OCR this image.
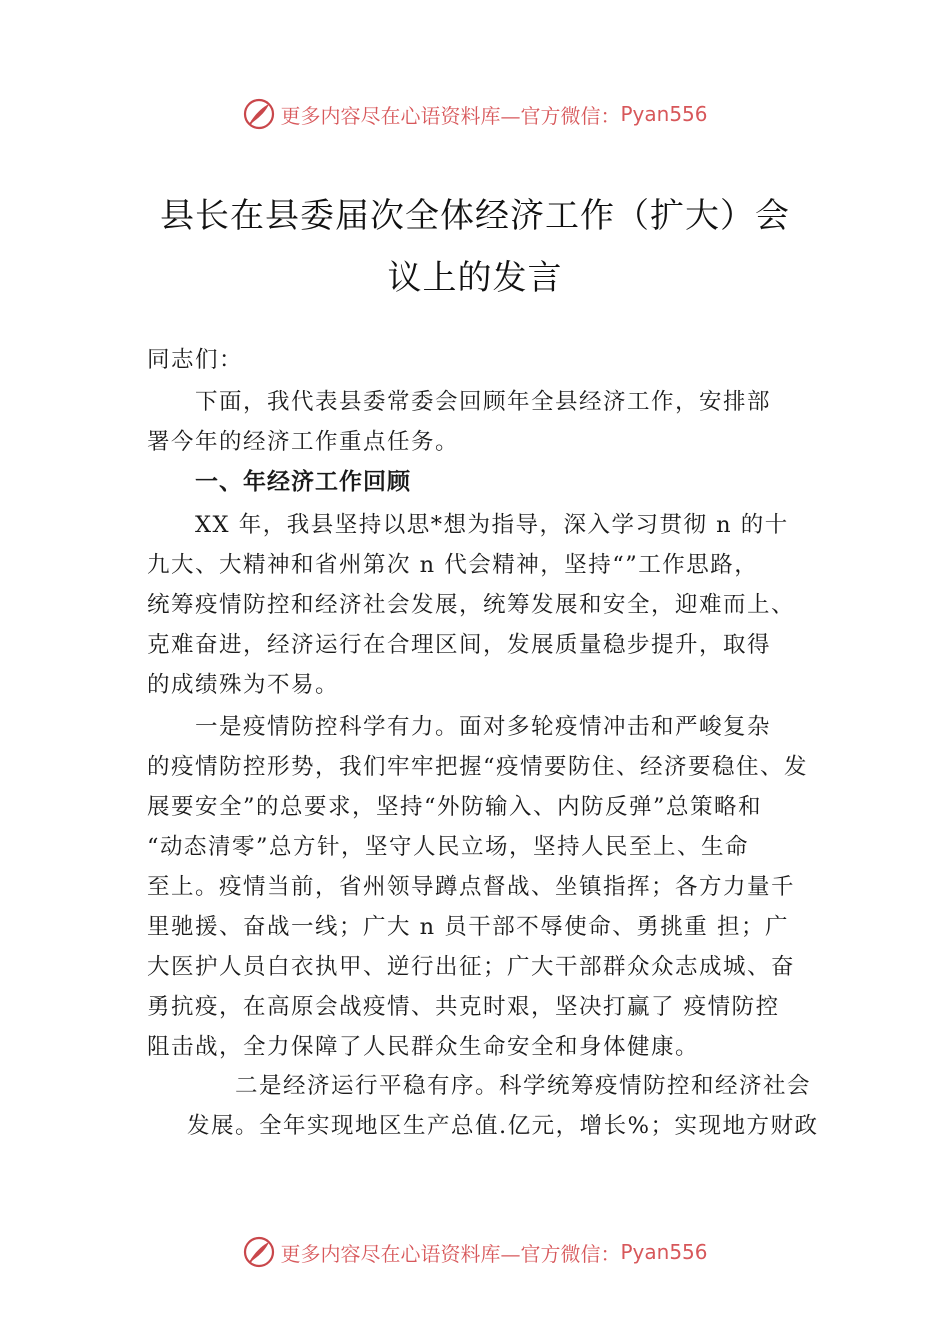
更多内容尽在心语资料库—官方微信： Pyan556
县长在县委届次全体经济工作（扩大）会
议上的发言
同志们：
下面，我代表县委常委会回顾年全县经济工作，安排部
署今年的经济工作重点任务。
一、年经济工作回顾
XX 年，我县坚持以思*想为指导，深入学习贯彻 n 的十
九大、大精神和省州第次 n 代会精神，坚持“”工作思路，
统筹疫情防控和经济社会发展，统筹发展和安全，迎难而上、
克难奋进，经济运行在合理区间，发展质量稳步提升，取得
的成绩殊为不易。
一是疫情防控科学有力。面对多轮疫情冲击和严峻复杂
的疫情防控形势，我们牢牢把握“疫情要防住、经济要稳住、发
展要安全”的总要求，坚持“外防输入、内防反弹”总策略和
“动态清零”总方针，坚守人民立场，坚持人民至上、生命
至上。疫情当前，省州领导蹲点督战、坐镇指挥；各方力量千
里驰援、奋战一线；广大 n 员干部不辱使命、勇挑重 担；广
大医护人员白衣执甲、逆行出征；广大干部群众众志成城、奋
勇抗疫，在高原会战疫情、共克时艰，坚决打赢了 疫情防控
阻击战，全力保障了人民群众生命安全和身体健康。
二是经济运行平稳有序。科学统筹疫情防控和经济社会
发展。全年实现地区生产总值.亿元，增长%；实现地方财政
更多内容尽在心语资料库—官方微信： Pyan556
